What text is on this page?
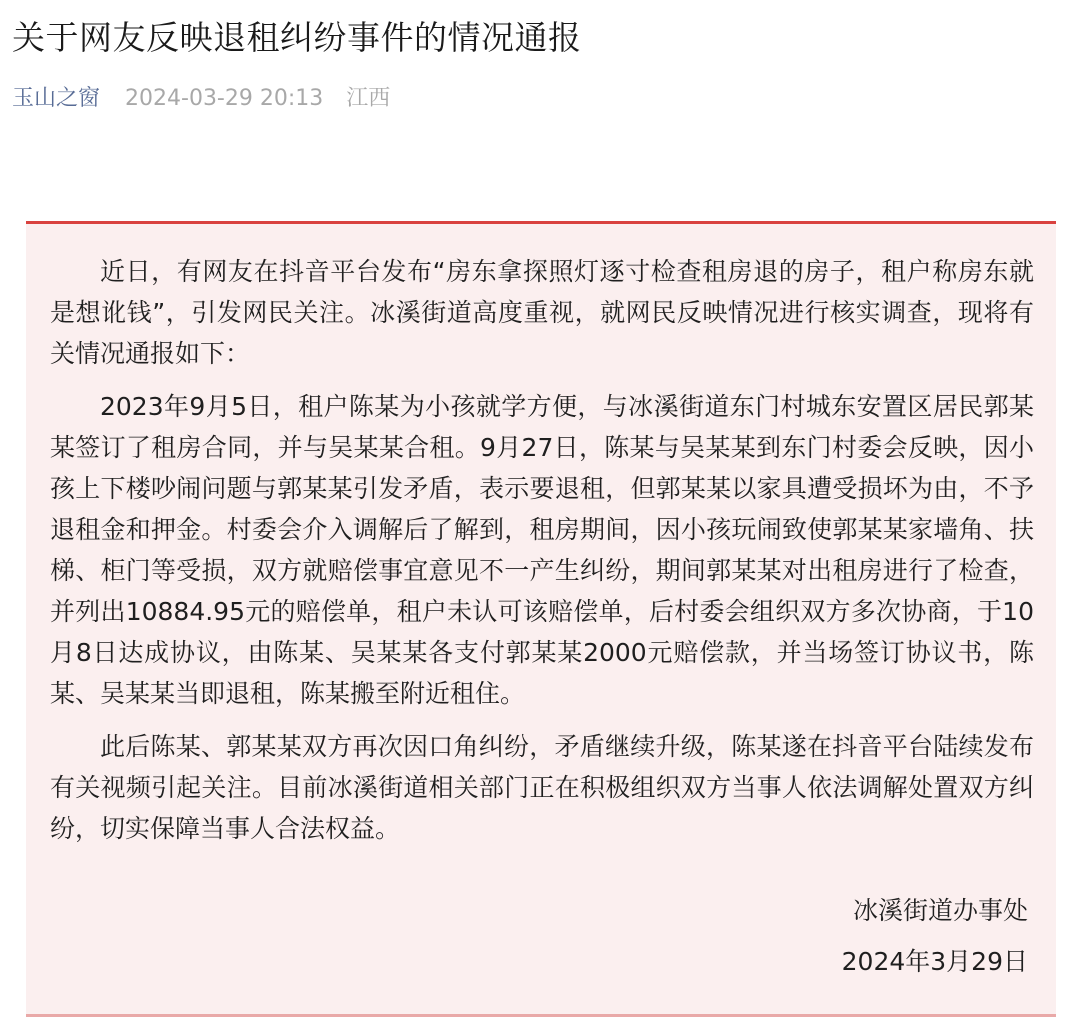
关于网友反映退租纠纷事件的情况通报
玉山之窗 2024-03-29 20:13 江西

近日，有网友在抖音平台发布“房东拿探照灯逐寸检查租房退的房子，租户称房东就是想讹钱”，引发网民关注。冰溪街道高度重视，就网民反映情况进行核实调查，现将有关情况通报如下：

2023年9月5日，租户陈某为小孩就学方便，与冰溪街道东门村城东安置区居民郭某某签订了租房合同，并与吴某某合租。9月27日，陈某与吴某某到东门村委会反映，因小孩上下楼吵闹问题与郭某某引发矛盾，表示要退租，但郭某某以家具遭受损坏为由，不予退租金和押金。村委会介入调解后了解到，租房期间，因小孩玩闹致使郭某某家墙角、扶梯、柜门等受损，双方就赔偿事宜意见不一产生纠纷，期间郭某某对出租房进行了检查，并列出10884.95元的赔偿单，租户未认可该赔偿单，后村委会组织双方多次协商，于10月8日达成协议，由陈某、吴某某各支付郭某某2000元赔偿款，并当场签订协议书，陈某、吴某某当即退租，陈某搬至附近租住。

此后陈某、郭某某双方再次因口角纠纷，矛盾继续升级，陈某遂在抖音平台陆续发布有关视频引起关注。目前冰溪街道相关部门正在积极组织双方当事人依法调解处置双方纠纷，切实保障当事人合法权益。

冰溪街道办事处
2024年3月29日
